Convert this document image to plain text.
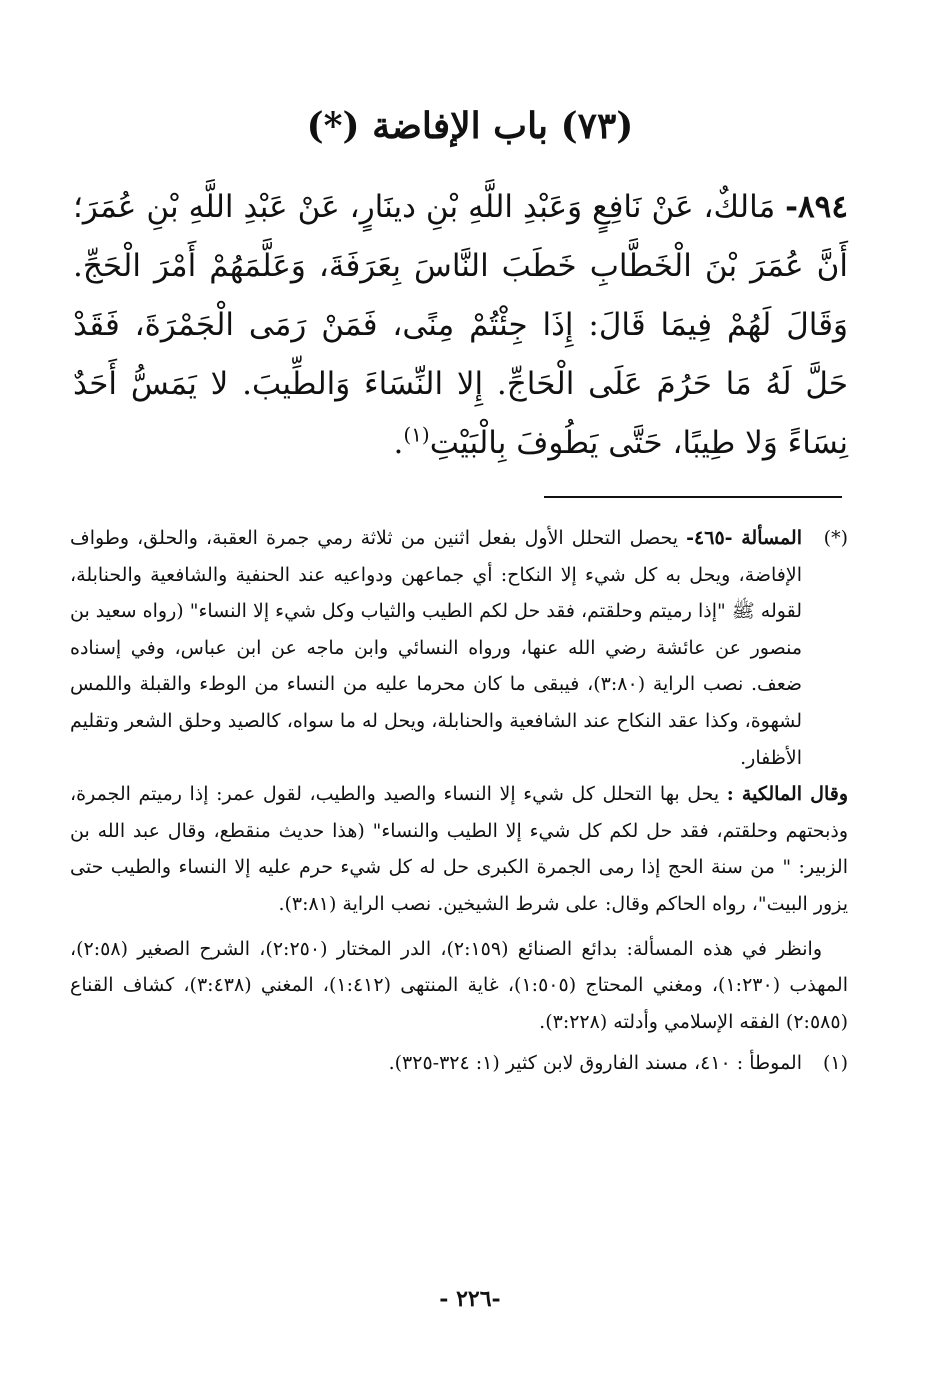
(٧٣) باب الإفاضة (*)
٨٩٤- مَالكٌ، عَنْ نَافِعٍ وَعَبْدِ اللَّهِ بْنِ دينَارٍ، عَنْ عَبْدِ اللَّهِ بْنِ عُمَرَ؛ أَنَّ عُمَرَ بْنَ الْخَطَّابِ خَطَبَ النَّاسَ بِعَرَفَةَ، وَعَلَّمَهُمْ أَمْرَ الْحَجِّ. وَقَالَ لَهُمْ فِيمَا قَالَ: إِذَا جِئْتُمْ مِنًى، فَمَنْ رَمَى الْجَمْرَةَ، فَقَدْ حَلَّ لَهُ مَا حَرُمَ عَلَى الْحَاجِّ. إِلا النِّسَاءَ وَالطِّيبَ. لا يَمَسُّ أَحَدٌ نِسَاءً وَلا طِيبًا، حَتَّى يَطُوفَ بِالْبَيْتِ$^{(١)}$.

(*)المسألة -٤٦٥- يحصل التحلل الأول بفعل اثنين من ثلاثة رمي جمرة العقبة، والحلق، وطواف الإفاضة، ويحل به كل شيء إلا النكاح: أي جماعهن ودواعيه عند الحنفية والشافعية والحنابلة، لقوله ﷺ "إذا رميتم وحلقتم، فقد حل لكم الطيب والثياب وكل شيء إلا النساء" (رواه سعيد بن منصور عن عائشة رضي الله عنها، ورواه النسائي وابن ماجه عن ابن عباس، وفي إسناده ضعف. نصب الراية (٣:٨٠)، فيبقى ما كان محرما عليه من النساء من الوطء والقبلة واللمس لشهوة، وكذا عقد النكاح عند الشافعية والحنابلة، ويحل له ما سواه، كالصيد وحلق الشعر وتقليم الأظفار.

وقال المالكية : يحل بها التحلل كل شيء إلا النساء والصيد والطيب، لقول عمر: إذا رميتم الجمرة، وذبحتهم وحلقتم، فقد حل لكم كل شيء إلا الطيب والنساء" (هذا حديث منقطع، وقال عبد الله بن الزبير: " من سنة الحج إذا رمى الجمرة الكبرى حل له كل شيء حرم عليه إلا النساء والطيب حتى يزور البيت"، رواه الحاكم وقال: على شرط الشيخين. نصب الراية (٣:٨١).

وانظر في هذه المسألة: بدائع الصنائع (٢:١٥٩)، الدر المختار (٢:٢٥٠)، الشرح الصغير (٢:٥٨)، المهذب (١:٢٣٠)، ومغني المحتاج (١:٥٠٥)، غاية المنتهى (١:٤١٢)، المغني (٣:٤٣٨)، كشاف القناع (٢:٥٨٥) الفقه الإسلامي وأدلته (٣:٢٢٨).

(١)الموطأ : ٤١٠، مسند الفاروق لابن كثير (١: ٣٢٤-٣٢٥).

-٢٢٦ -
